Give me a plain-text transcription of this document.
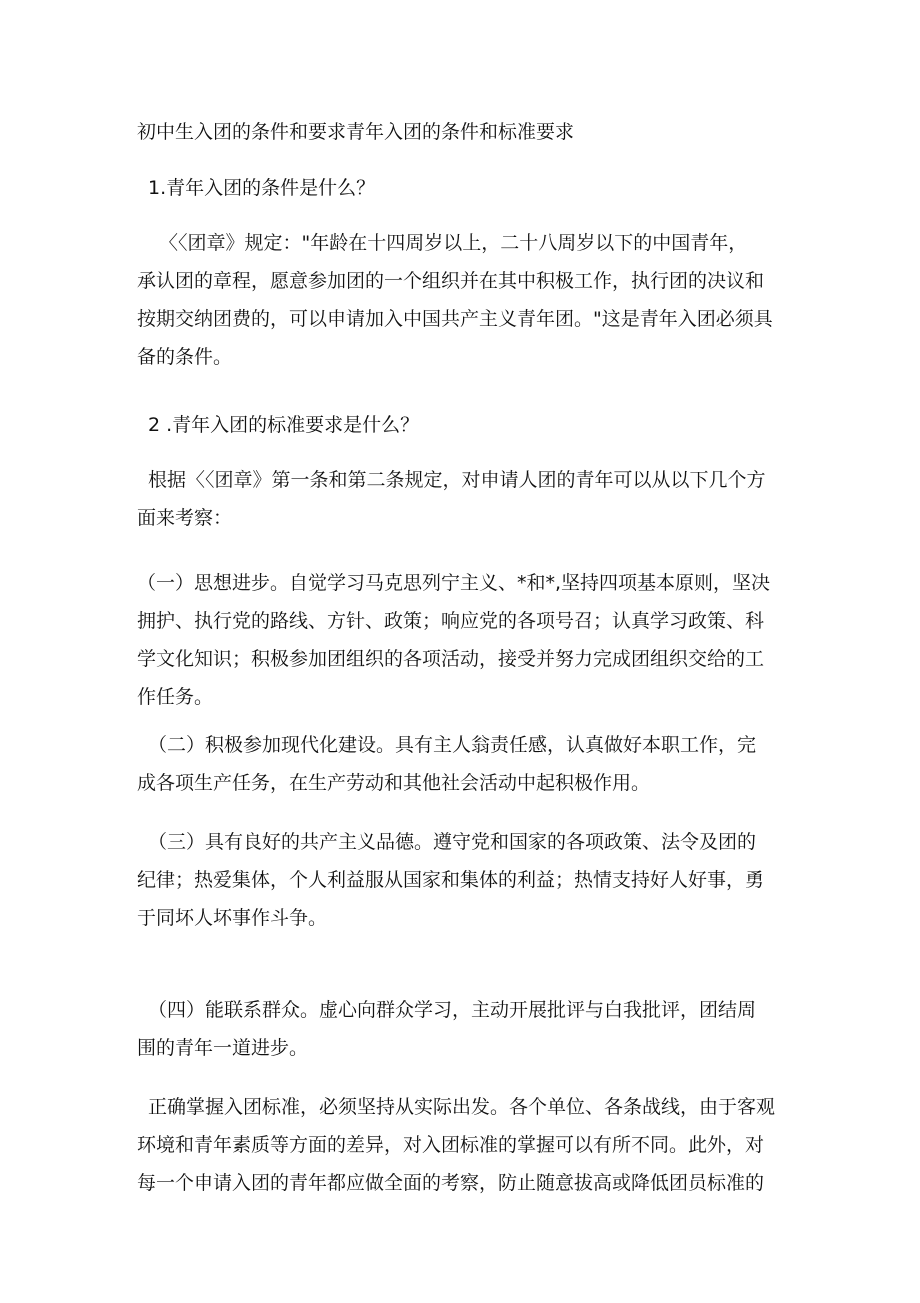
初中生入团的条件和要求青年入团的条件和标准要求
1.青年入团的条件是什么？
〈〈团章》规定："年龄在十四周岁以上，二十八周岁以下的中国青年，
承认团的章程，愿意参加团的一个组织并在其中积极工作，执行团的决议和
按期交纳团费的，可以申请加入中国共产主义青年团。"这是青年入团必须具
备的条件。
2 .青年入团的标准要求是什么？
根据〈〈团章》第一条和第二条规定，对申请人团的青年可以从以下几个方
面来考察：
（一）思想进步。自觉学习马克思列宁主义、*和*,坚持四项基本原则，坚决
拥护、执行党的路线、方针、政策；响应党的各项号召；认真学习政策、科
学文化知识；积极参加团组织的各项活动，接受并努力完成团组织交给的工
作任务。
（二）积极参加现代化建设。具有主人翁责任感，认真做好本职工作，完
成各项生产任务，在生产劳动和其他社会活动中起积极作用。
（三）具有良好的共产主义品德。遵守党和国家的各项政策、法令及团的
纪律；热爱集体，个人利益服从国家和集体的利益；热情支持好人好事，勇
于同坏人坏事作斗争。
（四）能联系群众。虚心向群众学习，主动开展批评与白我批评，团结周
围的青年一道进步。
正确掌握入团标准，必须坚持从实际出发。各个单位、各条战线，由于客观
环境和青年素质等方面的差异，对入团标准的掌握可以有所不同。此外，对
每一个申请入团的青年都应做全面的考察，防止随意拔高或降低团员标准的
